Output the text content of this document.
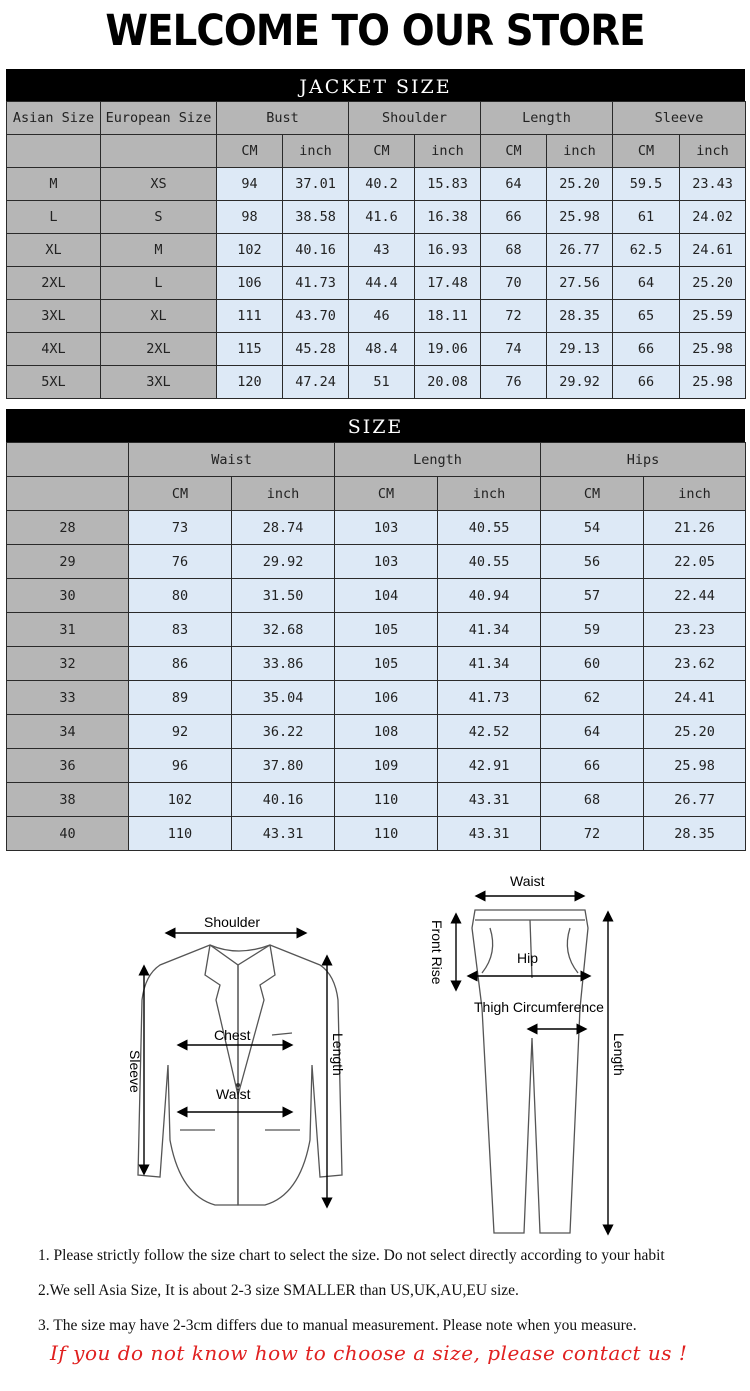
WELCOME TO OUR STORE
JACKET SIZE
Asian Size	European Size	Bust		Shoulder		Length		Sleeve	
		CM	inch	CM	inch	CM	inch	CM	inch
M	XS	94	37.01	40.2	15.83	64	25.20	59.5	23.43
L	S	98	38.58	41.6	16.38	66	25.98	61	24.02
XL	M	102	40.16	43	16.93	68	26.77	62.5	24.61
2XL	L	106	41.73	44.4	17.48	70	27.56	64	25.20
3XL	XL	111	43.70	46	18.11	72	28.35	65	25.59
4XL	2XL	115	45.28	48.4	19.06	74	29.13	66	25.98
5XL	3XL	120	47.24	51	20.08	76	29.92	66	25.98
SIZE
	Waist		Length		Hips	
	CM	inch	CM	inch	CM	inch
28	73	28.74	103	40.55	54	21.26
29	76	29.92	103	40.55	56	22.05
30	80	31.50	104	40.94	57	22.44
31	83	32.68	105	41.34	59	23.23
32	86	33.86	105	41.34	60	23.62
33	89	35.04	106	41.73	62	24.41
34	92	36.22	108	42.52	64	25.20
36	96	37.80	109	42.91	66	25.98
38	102	40.16	110	43.31	68	26.77
40	110	43.31	110	43.31	72	28.35
Shoulder
Chest
Waist
Sleeve	Length
Waist
Front Rise	Hip
Thigh Circumference
Length
1. Please strictly follow the size chart to select the size. Do not select directly according to your habit
2.We sell Asia Size, It is about 2-3 size SMALLER than US,UK,AU,EU size.
3. The size may have 2-3cm differs due to manual measurement. Please note when you measure.
If you do not know how to choose a size, please contact us !
